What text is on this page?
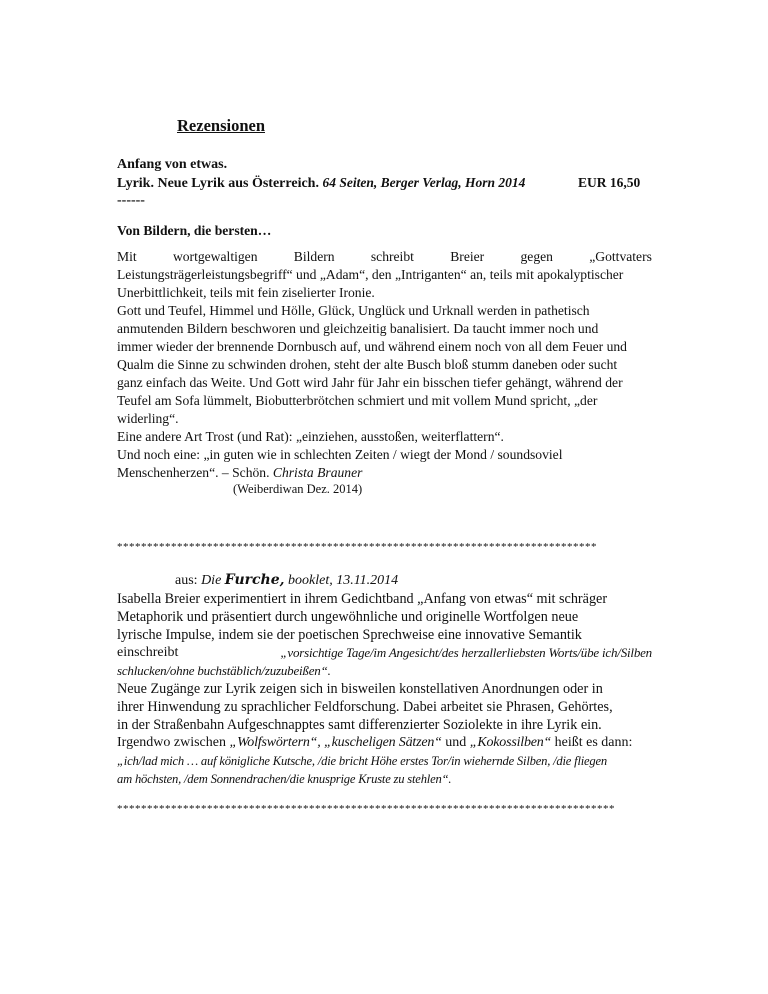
Rezensionen
Anfang von etwas.
Lyrik. Neue Lyrik aus Österreich. 64 Seiten, Berger Verlag, Horn 2014	EUR 16,50
------
Von Bildern, die bersten…
Mit	wortgewaltigen	Bildern	schreibt	Breier	gegen	„Gottvaters
Leistungsträgerleistungsbegriff“ und „Adam“, den „Intriganten“ an, teils mit apokalyptischer
Unerbittlichkeit, teils mit fein ziselierter Ironie.
Gott und Teufel, Himmel und Hölle, Glück, Unglück und Urknall werden in pathetisch
anmutenden Bildern beschworen und gleichzeitig banalisiert. Da taucht immer noch und
immer wieder der brennende Dornbusch auf, und während einem noch von all dem Feuer und
Qualm die Sinne zu schwinden drohen, steht der alte Busch bloß stumm daneben oder sucht
ganz einfach das Weite. Und Gott wird Jahr für Jahr ein bisschen tiefer gehängt, während der
Teufel am Sofa lümmelt, Biobutterbrötchen schmiert und mit vollem Mund spricht, „der
widerling“.
Eine andere Art Trost (und Rat): „einziehen, ausstoßen, weiterflattern“.
Und noch eine: „in guten wie in schlechten Zeiten / wiegt der Mond / soundsoviel
Menschenherzen“. – Schön. Christa Brauner
(Weiberdiwan Dez. 2014)
********************************************************************************
aus: Die Furche, booklet, 13.11.2014
Isabella Breier experimentiert in ihrem Gedichtband „Anfang von etwas“ mit schräger
Metaphorik und präsentiert durch ungewöhnliche und originelle Wortfolgen neue
lyrische Impulse, indem sie der poetischen Sprechweise eine innovative Semantik
einschreibt	„vorsichtige Tage/im Angesicht/des herzallerliebsten Worts/übe ich/Silben
schlucken/ohne buchstäblich/zuzubeißen“.
Neue Zugänge zur Lyrik zeigen sich in bisweilen konstellativen Anordnungen oder in
ihrer Hinwendung zu sprachlicher Feldforschung. Dabei arbeitet sie Phrasen, Gehörtes,
in der Straßenbahn Aufgeschnapptes samt differenzierter Soziolekte in ihre Lyrik ein.
Irgendwo zwischen „Wolfswörtern“, „kuscheligen Sätzen“ und „Kokossilben“ heißt es dann:
„ich/lad mich … auf königliche Kutsche, /die bricht Höhe erstes Tor/in wiehernde Silben, /die fliegen
am höchsten, /dem Sonnendrachen/die knusprige Kruste zu stehlen“.
***********************************************************************************
